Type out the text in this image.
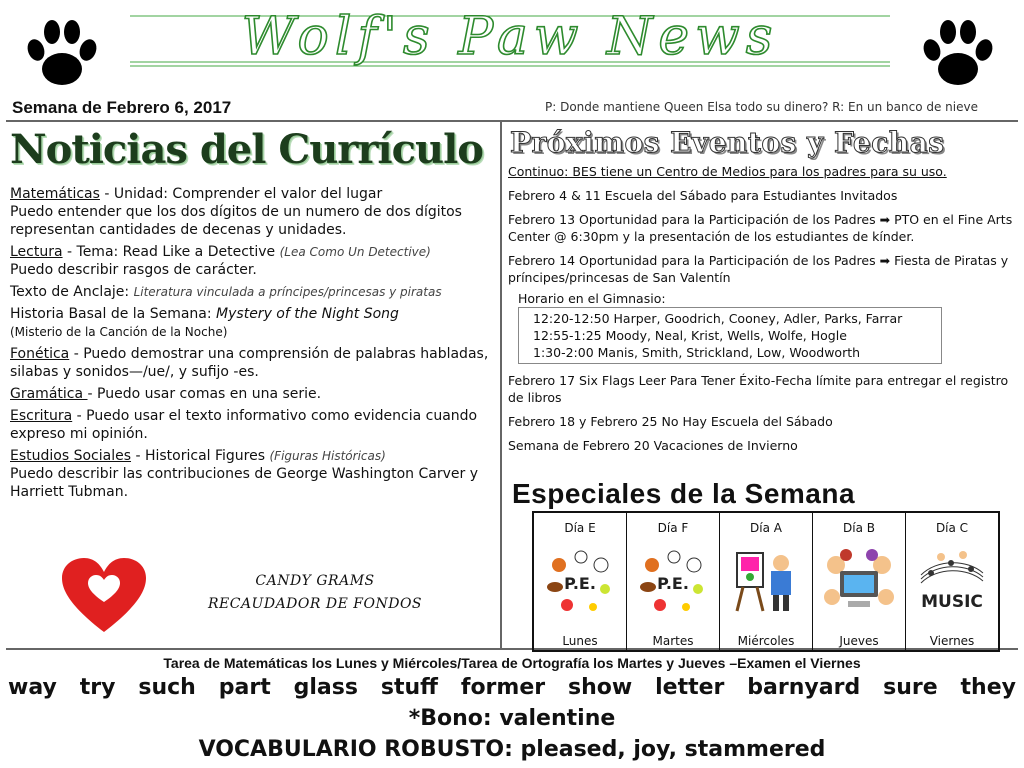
Wolf's Paw News
Semana de Febrero 6, 2017	P: Donde mantiene Queen Elsa todo su dinero? R: En un banco de nieve
Noticias del Currículo

Matemáticas - Unidad: Comprender el valor del lugar
Puedo entender que los dos dígitos de un numero de dos dígitos representan cantidades de decenas y unidades.

Lectura - Tema: Read Like a Detective (Lea Como Un Detective)
Puedo describir rasgos de carácter.

Texto de Anclaje: Literatura vinculada a príncipes/princesas y piratas

Historia Basal de la Semana: Mystery of the Night Song
(Misterio de la Canción de la Noche)

Fonética - Puedo demostrar una comprensión de palabras habladas, silabas y sonidos—/ue/, y sufijo -es.

Gramática - Puedo usar comas en una serie.

Escritura - Puedo usar el texto informativo como evidencia cuando expreso mi opinión.

Estudios Sociales - Historical Figures (Figuras Históricas)
Puedo describir las contribuciones de George Washington Carver y Harriett Tubman.

CANDY GRAMS
RECAUDADOR DE FONDOS
Próximos Eventos y Fechas

Continuo: BES tiene un Centro de Medios para los padres para su uso.

Febrero 4 & 11 Escuela del Sábado para Estudiantes Invitados

Febrero 13 Oportunidad para la Participación de los Padres ➡ PTO en el Fine Arts Center @ 6:30pm y la presentación de los estudiantes de kínder.

Febrero 14 Oportunidad para la Participación de los Padres ➡ Fiesta de Piratas y príncipes/princesas de San Valentín

Horario en el Gimnasio:
12:20-12:50 Harper, Goodrich, Cooney, Adler, Parks, Farrar
12:55-1:25 Moody, Neal, Krist, Wells, Wolfe, Hogle
1:30-2:00 Manis, Smith, Strickland, Low, Woodworth

Febrero 17 Six Flags Leer Para Tener Éxito-Fecha límite para entregar el registro de libros

Febrero 18 y Febrero 25 No Hay Escuela del Sábado

Semana de Febrero 20 Vacaciones de Invierno

Especiales de la Semana
Día E
P.E.
Lunes
Día F
P.E.
Martes
Día A
Miércoles
Día B
Jueves
Día C
MUSIC
Viernes
Tarea de Matemáticas los Lunes y Miércoles/Tarea de Ortografía los Martes y Jueves –Examen el Viernes
way try such part glass stuff former show letter barnyard sure they
*Bono: valentine
VOCABULARIO ROBUSTO: pleased, joy, stammered
